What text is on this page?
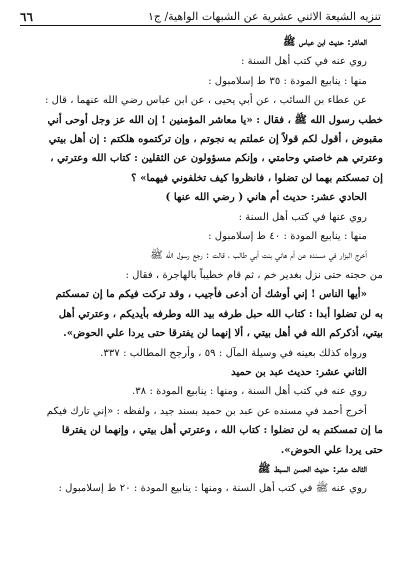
تنزيه الشيعة الاثني عشرية عن الشبهات الواهية/ ج١
٦٦

العاشر: حديث ابن عباس ﷺ

روي عنه في كتب أهل السنة :

منها : ينابيع المودة : ٣٥ ط إسلامبول :

عن عطاء بن السائب ، عن أبي يحيى ، عن ابن عباس رضي الله عنهما ، قال :

خطب رسول الله ﷺ ، فقال : «يا معاشر المؤمنين ! إن الله عز وجل أوحى أني

مقبوض ، أقول لكم قولاً إن عملتم به نجوتم ، وإن تركتموه هلكتم : إن أهل بيتي

وعترتي هم خاصتي وحامتي ، وإنكم مسؤولون عن الثقلين : كتاب الله وعترتي ،

إن تمسكتم بهما لن تضلوا ، فانظروا كيف تخلفوني فيهما» ؟

الحادي عشر: حديث أم هاني ( رضي الله عنها )

روي عنها في كتب أهل السنة :

منها : ينابيع المودة : ٤٠ ط إسلامبول :

أخرج البزار في مسنده عن أم هاني بنت أبي طالب ، قالت : رجع رسول الله ﷺ

من حجته حتى نزل بغدير خم ، ثم قام خطيباً بالهاجرة ، فقال :

«أيها الناس ! إني أوشك أن أدعى فأجيب ، وقد تركت فيكم ما إن تمسكتم

به لن تضلوا أبدا : كتاب الله حبل طرفه بيد الله وطرفه بأيديكم ، وعترتي أهل

بيتي، أذكركم الله في أهل بيتي ، ألا إنهما لن يفترقا حتى يردا علي الحوض».

ورواه كذلك بعينه في وسيلة المآل : ٥٩ ، وأرجح المطالب : ٣٣٧.

الثاني عشر: حديث عبد بن حميد

روي عنه في كتب أهل السنة ، ومنها : ينابيع المودة : ٣٨.

أخرج أحمد في مسنده عن عبد بن حميد بسند جيد ، ولفظه : «إني تارك فيكم

ما إن تمسكتم به لن تضلوا : كتاب الله ، وعترتي أهل بيتي ، وإنهما لن يفترقا

حتى يردا علي الحوض».

الثالث عشر: حديث الحسن السبط ﷺ

روي عنه ﷺ في كتب أهل السنة ، ومنها : ينابيع المودة : ٢٠ ط إسلامبول :
